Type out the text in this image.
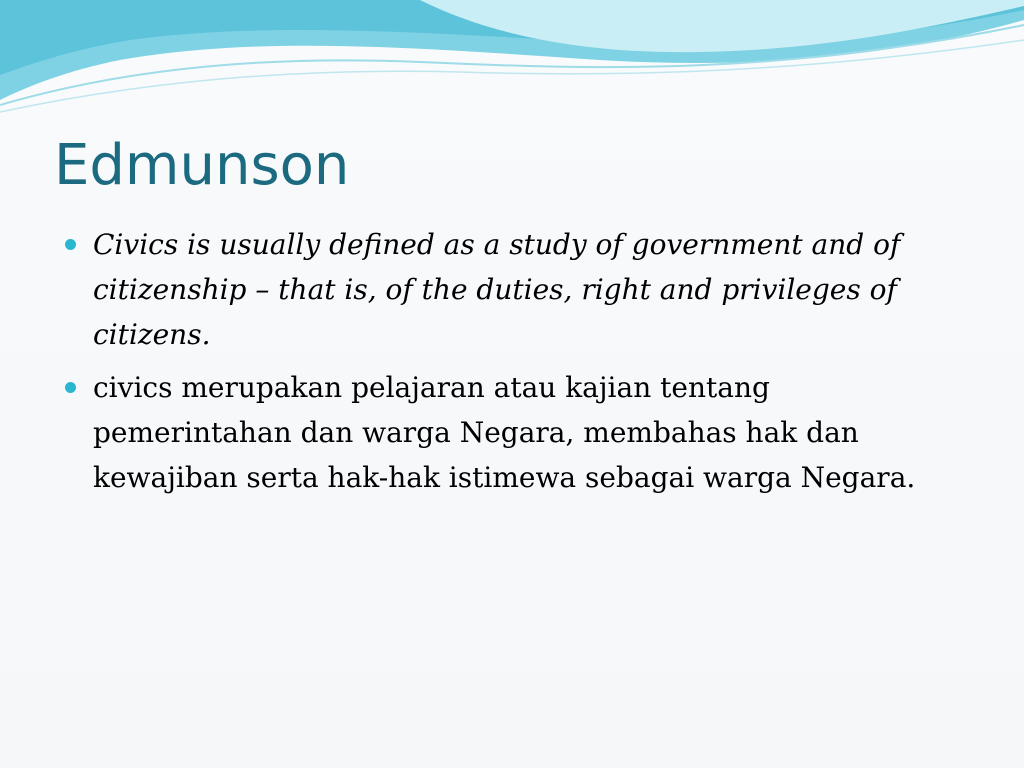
Edmunson
Civics is usually defined as a study of government and of citizenship – that is, of the duties, right and privileges of citizens.
civics merupakan pelajaran atau kajian tentang pemerintahan dan warga Negara, membahas hak dan kewajiban serta hak-hak istimewa sebagai warga Negara.
